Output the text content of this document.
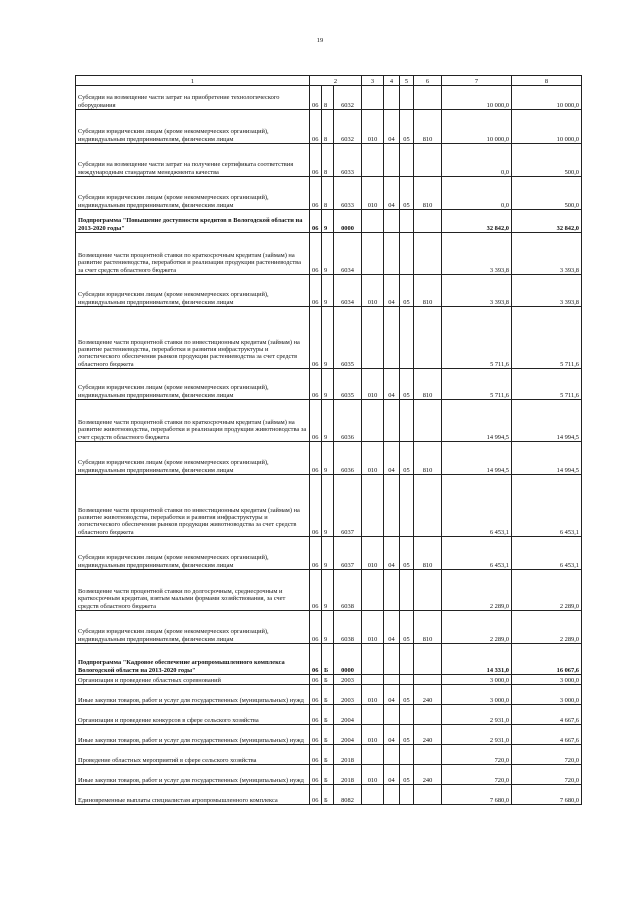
19
1	2			3	4	5	6	7	8
Субсидии на возмещение части затрат на приобретение технологического оборудования	06	8	6032					10 000,0	10 000,0
Субсидии юридическим лицам (кроме некоммерческих организаций), индивидуальным предпринимателям, физическим лицам	06	8	6032	010	04	05	810	10 000,0	10 000,0
Субсидии на возмещение части затрат на получение сертификата соответствия международным стандартам менеджмента качества	06	8	6033					0,0	500,0
Субсидии юридическим лицам (кроме некоммерческих организаций), индивидуальным предпринимателям, физическим лицам	06	8	6033	010	04	05	810	0,0	500,0
Подпрограмма "Повышение доступности кредитов в Вологодской области на 2013-2020 годы"	06	9	0000					32 842,0	32 842,0
Возмещение части процентной ставки по краткосрочным кредитам (займам) на развитие растениеводства, переработки и реализации продукции растениеводства за счет средств областного бюджета	06	9	6034					3 393,8	3 393,8
Субсидии юридическим лицам (кроме некоммерческих организаций), индивидуальным предпринимателям, физическим лицам	06	9	6034	010	04	05	810	3 393,8	3 393,8
Возмещение части процентной ставки по инвестиционным кредитам (займам) на развитие растениеводства, переработки и развития инфраструктуры и логистического обеспечения рынков продукции растениеводства за счет средств областного бюджета	06	9	6035					5 711,6	5 711,6
Субсидии юридическим лицам (кроме некоммерческих организаций), индивидуальным предпринимателям, физическим лицам	06	9	6035	010	04	05	810	5 711,6	5 711,6
Возмещение части процентной ставки по краткосрочным кредитам (займам) на развитие животноводства, переработки и реализации продукции животноводства за счет средств областного бюджета	06	9	6036					14 994,5	14 994,5
Субсидии юридическим лицам (кроме некоммерческих организаций), индивидуальным предпринимателям, физическим лицам	06	9	6036	010	04	05	810	14 994,5	14 994,5
Возмещение части процентной ставки по инвестиционным кредитам (займам) на развитие животноводства, переработки и развития инфраструктуры и логистического обеспечения рынков продукции животноводства за счет средств областного бюджета	06	9	6037					6 453,1	6 453,1
Субсидии юридическим лицам (кроме некоммерческих организаций), индивидуальным предпринимателям, физическим лицам	06	9	6037	010	04	05	810	6 453,1	6 453,1
Возмещение части процентной ставки по долгосрочным, среднесрочным и краткосрочным кредитам, взятым малыми формами хозяйствования, за счет средств областного бюджета	06	9	6038					2 289,0	2 289,0
Субсидии юридическим лицам (кроме некоммерческих организаций), индивидуальным предпринимателям, физическим лицам	06	9	6038	010	04	05	810	2 289,0	2 289,0
Подпрограмма "Кадровое обеспечение агропромышленного комплекса Вологодской области на 2013-2020 годы"	06	Б	0000					14 331,0	16 067,6
Организация и проведение областных соревнований	06	Б	2003					3 000,0	3 000,0
Иные закупки товаров, работ и услуг для государственных (муниципальных) нужд	06	Б	2003	010	04	05	240	3 000,0	3 000,0
Организация и проведение конкурсов в сфере сельского хозяйства	06	Б	2004					2 931,0	4 667,6
Иные закупки товаров, работ и услуг для государственных (муниципальных) нужд	06	Б	2004	010	04	05	240	2 931,0	4 667,6
Проведение областных мероприятий в сфере сельского хозяйства	06	Б	2018					720,0	720,0
Иные закупки товаров, работ и услуг для государственных (муниципальных) нужд	06	Б	2018	010	04	05	240	720,0	720,0
Единовременные выплаты специалистам агропромышленного комплекса	06	Б	8082					7 680,0	7 680,0
